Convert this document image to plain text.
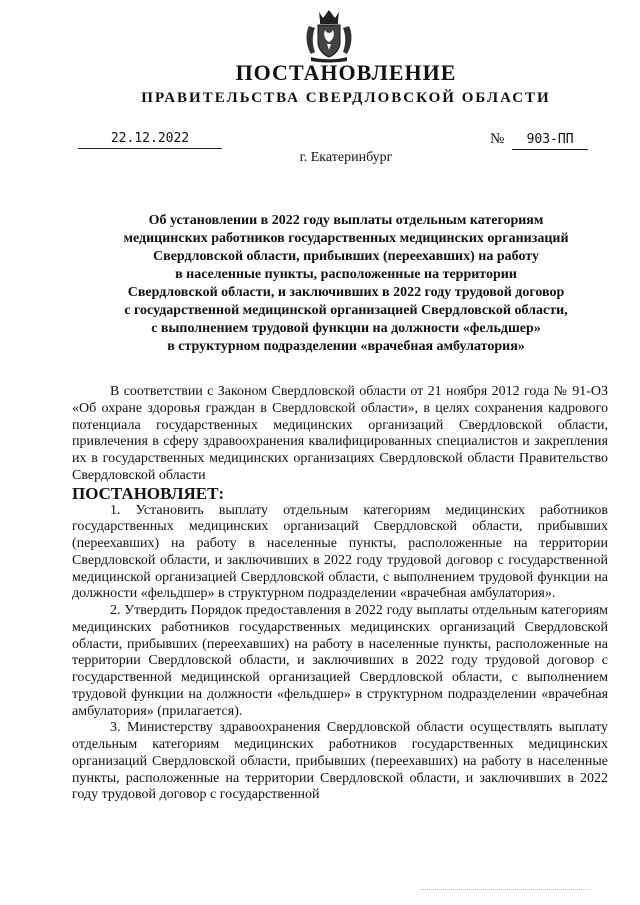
ПОСТАНОВЛЕНИЕ
ПРАВИТЕЛЬСТВА СВЕРДЛОВСКОЙ ОБЛАСТИ
22.12.2022	№ 903-ПП
г. Екатеринбург
Об установлении в 2022 году выплаты отдельным категориям
медицинских работников государственных медицинских организаций
Свердловской области, прибывших (переехавших) на работу
в населенные пункты, расположенные на территории
Свердловской области, и заключивших в 2022 году трудовой договор
с государственной медицинской организацией Свердловской области,
с выполнением трудовой функции на должности «фельдшер»
в структурном подразделении «врачебная амбулатория»

В соответствии с Законом Свердловской области от 21 ноября 2012 года № 91-ОЗ «Об охране здоровья граждан в Свердловской области», в целях сохранения кадрового потенциала государственных медицинских организаций Свердловской области, привлечения в сферу здравоохранения квалифицированных специалистов и закрепления их в государственных медицинских организациях Свердловской области Правительство Свердловской области

ПОСТАНОВЛЯЕТ:

1. Установить выплату отдельным категориям медицинских работников государственных медицинских организаций Свердловской области, прибывших (переехавших) на работу в населенные пункты, расположенные на территории Свердловской области, и заключивших в 2022 году трудовой договор с государственной медицинской организацией Свердловской области, с выполнением трудовой функции на должности «фельдшер» в структурном подразделении «врачебная амбулатория».

2. Утвердить Порядок предоставления в 2022 году выплаты отдельным категориям медицинских работников государственных медицинских организаций Свердловской области, прибывших (переехавших) на работу в населенные пункты, расположенные на территории Свердловской области, и заключивших в 2022 году трудовой договор с государственной медицинской организацией Свердловской области, с выполнением трудовой функции на должности «фельдшер» в структурном подразделении «врачебная амбулатория» (прилагается).

3. Министерству здравоохранения Свердловской области осуществлять выплату отдельным категориям медицинских работников государственных медицинских организаций Свердловской области, прибывших (переехавших) на работу в населенные пункты, расположенные на территории Свердловской области, и заключивших в 2022 году трудовой договор с государственной
